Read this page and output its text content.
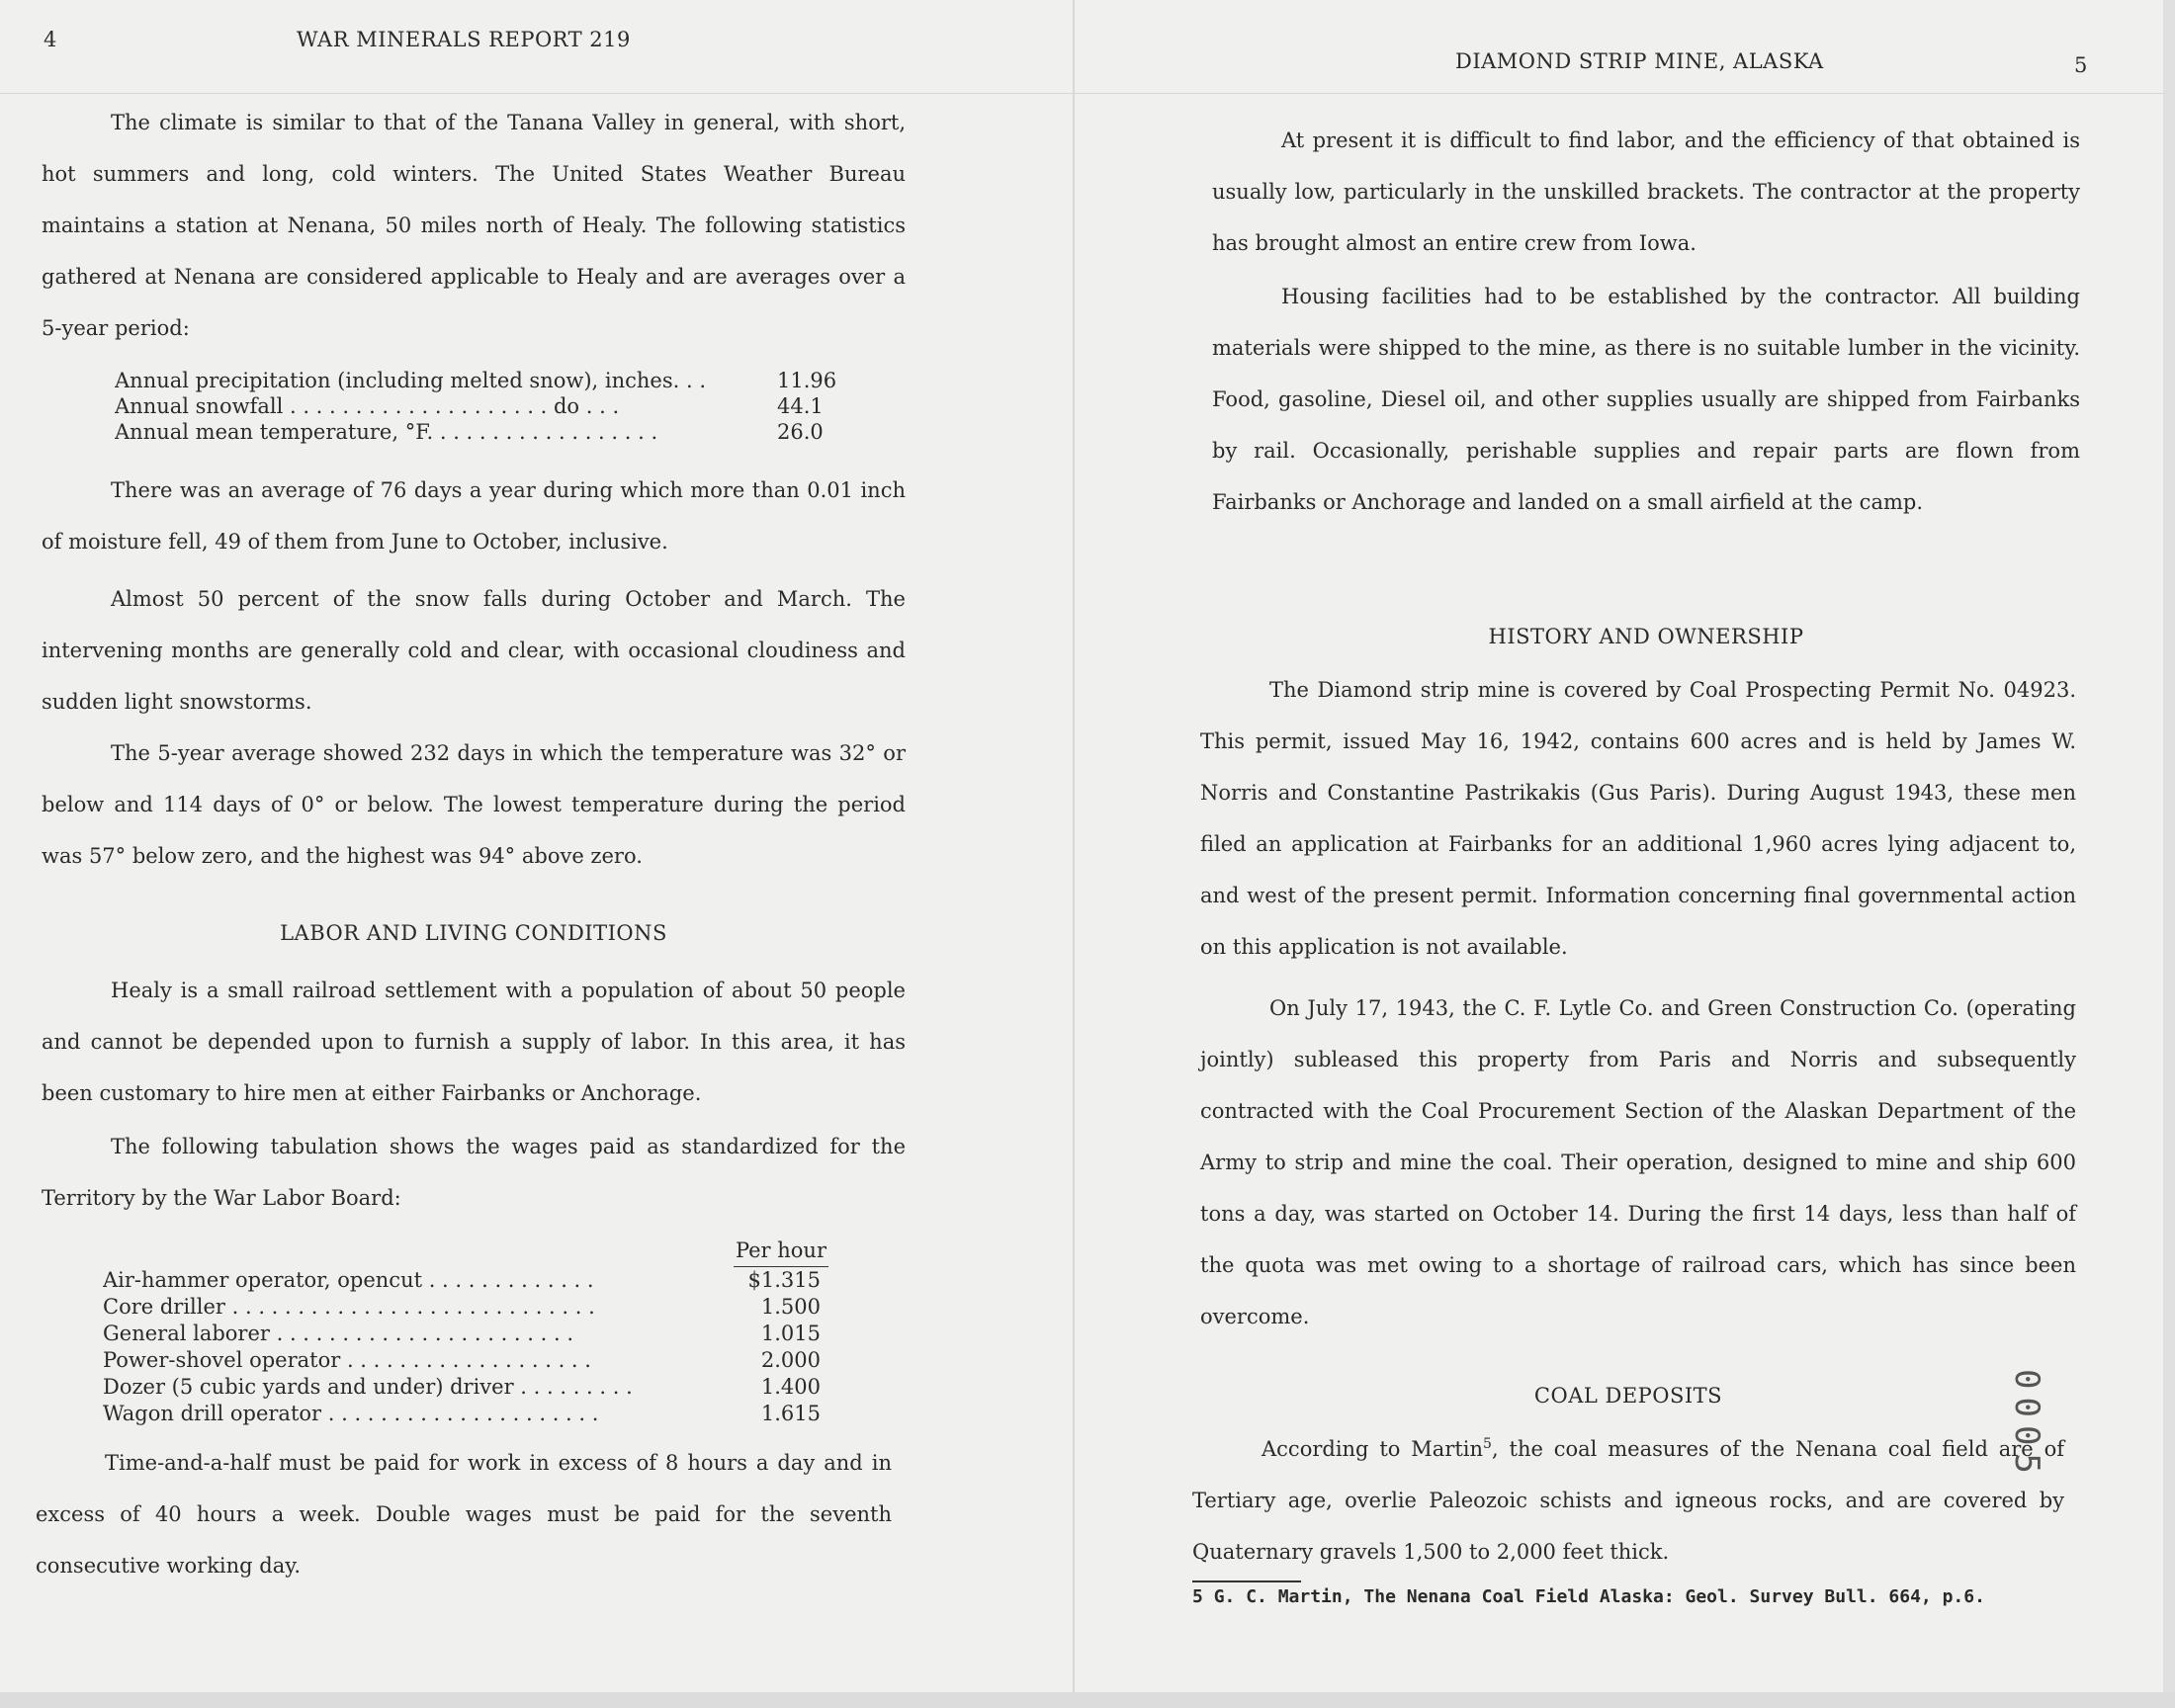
4	WAR MINERALS REPORT 219
The climate is similar to that of the Tanana Valley in general, with short, hot summers and long, cold winters. The United States Weather Bureau maintains a station at Nenana, 50 miles north of Healy. The following statistics gathered at Nenana are considered applicable to Healy and are averages over a 5-year period:
Annual precipitation (including melted snow), inches. . .	11.96
Annual snowfall . . . . . . . . . . . . . . . . . . . . do . . .	44.1
Annual mean temperature, °F. . . . . . . . . . . . . . . . . .	26.0
There was an average of 76 days a year during which more than 0.01 inch of moisture fell, 49 of them from June to October, inclusive.
Almost 50 percent of the snow falls during October and March. The intervening months are generally cold and clear, with occasional cloudiness and sudden light snowstorms.
The 5-year average showed 232 days in which the temperature was 32° or below and 114 days of 0° or below. The lowest temperature during the period was 57° below zero, and the highest was 94° above zero.
LABOR AND LIVING CONDITIONS
Healy is a small railroad settlement with a population of about 50 people and cannot be depended upon to furnish a supply of labor. In this area, it has been customary to hire men at either Fairbanks or Anchorage.
The following tabulation shows the wages paid as standardized for the Territory by the War Labor Board:
Per hour
Air-hammer operator, opencut . . . . . . . . . . . . .	$1.315
Core driller . . . . . . . . . . . . . . . . . . . . . . . . . . . .	1.500
General laborer . . . . . . . . . . . . . . . . . . . . . . .	1.015
Power-shovel operator . . . . . . . . . . . . . . . . . . .	2.000
Dozer (5 cubic yards and under) driver . . . . . . . . .	1.400
Wagon drill operator . . . . . . . . . . . . . . . . . . . . .	1.615
Time-and-a-half must be paid for work in excess of 8 hours a day and in excess of 40 hours a week. Double wages must be paid for the seventh consecutive working day.
DIAMOND STRIP MINE, ALASKA	5
At present it is difficult to find labor, and the efficiency of that obtained is usually low, particularly in the unskilled brackets. The contractor at the property has brought almost an entire crew from Iowa.
Housing facilities had to be established by the contractor. All building materials were shipped to the mine, as there is no suitable lumber in the vicinity. Food, gasoline, Diesel oil, and other supplies usually are shipped from Fairbanks by rail. Occasionally, perishable supplies and repair parts are flown from Fairbanks or Anchorage and landed on a small airfield at the camp.
HISTORY AND OWNERSHIP
The Diamond strip mine is covered by Coal Prospecting Permit No. 04923. This permit, issued May 16, 1942, contains 600 acres and is held by James W. Norris and Constantine Pastrikakis (Gus Paris). During August 1943, these men filed an application at Fairbanks for an additional 1,960 acres lying adjacent to, and west of the present permit. Information concerning final governmental action on this application is not available.
On July 17, 1943, the C. F. Lytle Co. and Green Construction Co. (operating jointly) subleased this property from Paris and Norris and subsequently contracted with the Coal Procurement Section of the Alaskan Department of the Army to strip and mine the coal. Their operation, designed to mine and ship 600 tons a day, was started on October 14. During the first 14 days, less than half of the quota was met owing to a shortage of railroad cars, which has since been overcome.
COAL DEPOSITS
According to Martin$^5$, the coal measures of the Nenana coal field are of Tertiary age, overlie Paleozoic schists and igneous rocks, and are covered by Quaternary gravels 1,500 to 2,000 feet thick.
5 G. C. Martin, The Nenana Coal Field Alaska: Geol. Survey Bull. 664, p.6.
0005
